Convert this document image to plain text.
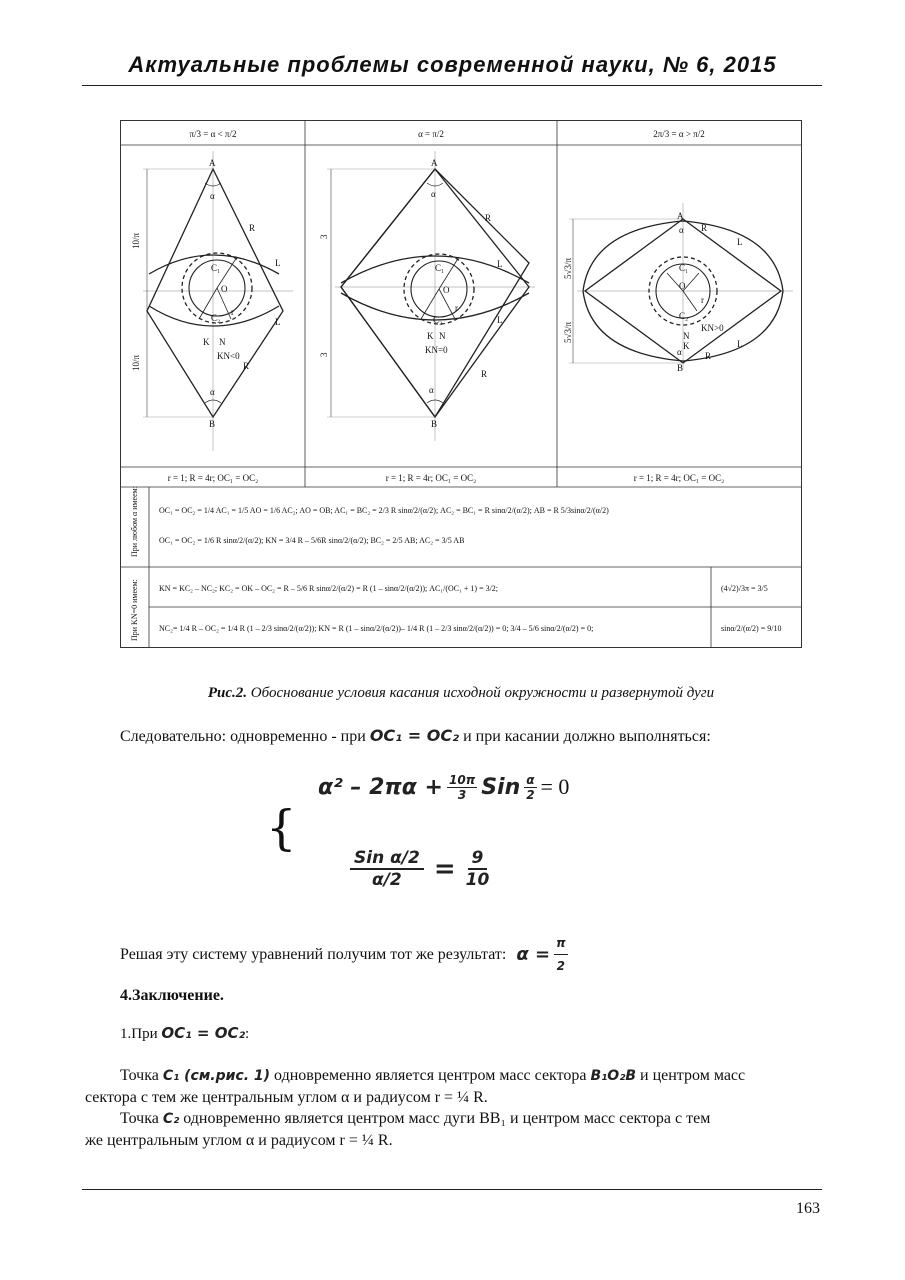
Актуальные проблемы современной науки, № 6, 2015
A
B
O
C₁
C₂
K N
R
R
L
L
r
α
α
KN<0
10/π
10/π
A
B
O
C₁
C₂
K N
R
R
L
L
r
α
α
KN=0
3
3
A
B
O
C₁
C₂
K
N
R
R
L
L
r
α
α
KN>0
5√3/π
5√3/π
π/3 = α < π/2	α = π/2	2π/3 = α > π/2
r = 1; R = 4r; OC₁ = OC₂	r = 1; R = 4r; OC₁ = OC₂	r = 1; R = 4r; OC₁ = OC₂
При любом α имеем:
При KN=0 имеем:
OC₁ = OC₂ = 1/4 AC₁ = 1/5 AO = 1/6 AC₂; AO = OB; AC₁ = BC₂ = 2/3 R sinα/2/(α/2); AC₂ = BC₁ = R sinα/2/(α/2); AB = R 5/3sinα/2/(α/2)
OC₁ = OC₂ = 1/6 R sinα/2/(α/2); KN = 3/4 R – 5/6R sinα/2/(α/2); BC₂ = 2/5 AB; AC₂ = 3/5 AB
KN = KC₂ – NC₂; KC₂ = OK – OC₂ = R – 5/6 R sinα/2/(α/2) = R (1 – sinα/2/(α/2)); AC₁/(OC₁ + 1) = 3/2;	(4√2)/3π = 3/5
NC₂= 1/4 R – OC₂ = 1/4 R (1 – 2/3 sinα/2/(α/2)); KN = R (1 – sinα/2/(α/2))– 1/4 R (1 – 2/3 sinα/2/(α/2)) = 0; 3/4 – 5/6 sinα/2/(α/2) = 0;	sinα/2/(α/2) = 9/10
Рис.2. Обоснование условия касания исходной окружности и развернутой дуги
Следовательно: одновременно - при OC₁ = OC₂ и при касании должно выполняться:
$\alpha^2 - 2\pi\alpha + \frac{10\pi}{3}$ Sin $\frac{\alpha}{2} = 0$
{
Sin α/2
$\alpha/2 = \frac{9}{10}$
Решая эту систему уравнений получим тот же результат: $\alpha = \frac{\pi}{2}$
4.Заключение.
1.При OC₁ = OC₂:
Точка C₁ (см.рис. 1) одновременно является центром масс сектора B₁O₂B и центром масс
сектора с тем же центральным углом α и радиусом r = ¼ R.
Точка C₂ одновременно является центром масс дуги ВВ₁ и центром масс сектора с тем
же центральным углом α и радиусом r = ¼ R.
163
